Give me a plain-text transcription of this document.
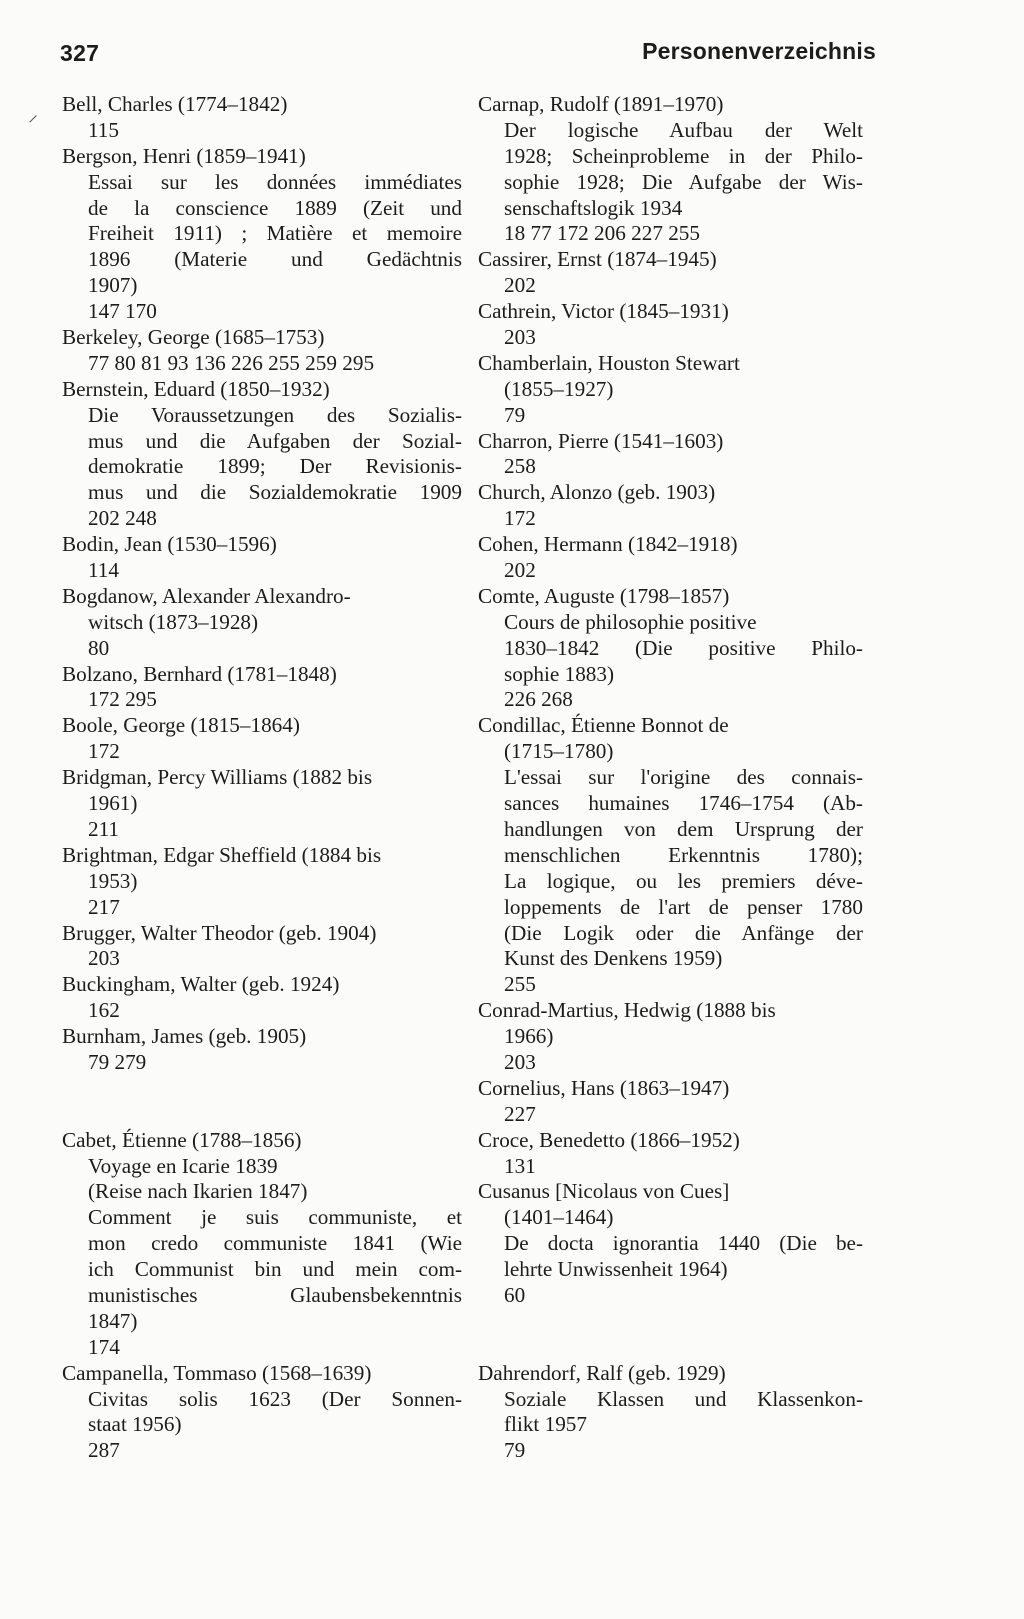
327	Personenverzeichnis
⸝ Bell, Charles (1774–1842)
115
Bergson, Henri (1859–1941)
Essai sur les données immédiates
de la conscience 1889 (Zeit und
Freiheit 1911) ; Matière et memoire
1896 (Materie und Gedächtnis
1907)
147 170
Berkeley, George (1685–1753)
77 80 81 93 136 226 255 259 295
Bernstein, Eduard (1850–1932)
Die Voraussetzungen des Sozialis-
mus und die Aufgaben der Sozial-
demokratie 1899; Der Revisionis-
mus und die Sozialdemokratie 1909
202 248
Bodin, Jean (1530–1596)
114
Bogdanow, Alexander Alexandro-
witsch (1873–1928)
80
Bolzano, Bernhard (1781–1848)
172 295
Boole, George (1815–1864)
172
Bridgman, Percy Williams (1882 bis
1961)
211
Brightman, Edgar Sheffield (1884 bis
1953)
217
Brugger, Walter Theodor (geb. 1904)
203
Buckingham, Walter (geb. 1924)
162
Burnham, James (geb. 1905)
79 279
Cabet, Étienne (1788–1856)
Voyage en Icarie 1839
(Reise nach Ikarien 1847)
Comment je suis communiste, et
mon credo communiste 1841 (Wie
ich Communist bin und mein com-
munistisches Glaubensbekenntnis
1847)
174
Campanella, Tommaso (1568–1639)
Civitas solis 1623 (Der Sonnen-
staat 1956)
287
Carnap, Rudolf (1891–1970)
Der logische Aufbau der Welt
1928; Scheinprobleme in der Philo-
sophie 1928; Die Aufgabe der Wis-
senschaftslogik 1934
18 77 172 206 227 255
Cassirer, Ernst (1874–1945)
202
Cathrein, Victor (1845–1931)
203
Chamberlain, Houston Stewart
(1855–1927)
79
Charron, Pierre (1541–1603)
258
Church, Alonzo (geb. 1903)
172
Cohen, Hermann (1842–1918)
202
Comte, Auguste (1798–1857)
Cours de philosophie positive
1830–1842 (Die positive Philo-
sophie 1883)
226 268
Condillac, Étienne Bonnot de
(1715–1780)
L'essai sur l'origine des connais-
sances humaines 1746–1754 (Ab-
handlungen von dem Ursprung der
menschlichen Erkenntnis 1780);
La logique, ou les premiers déve-
loppements de l'art de penser 1780
(Die Logik oder die Anfänge der
Kunst des Denkens 1959)
255
Conrad-Martius, Hedwig (1888 bis
1966)
203
Cornelius, Hans (1863–1947)
227
Croce, Benedetto (1866–1952)
131
Cusanus [Nicolaus von Cues]
(1401–1464)
De docta ignorantia 1440 (Die be-
lehrte Unwissenheit 1964)
60
Dahrendorf, Ralf (geb. 1929)
Soziale Klassen und Klassenkon-
flikt 1957
79
